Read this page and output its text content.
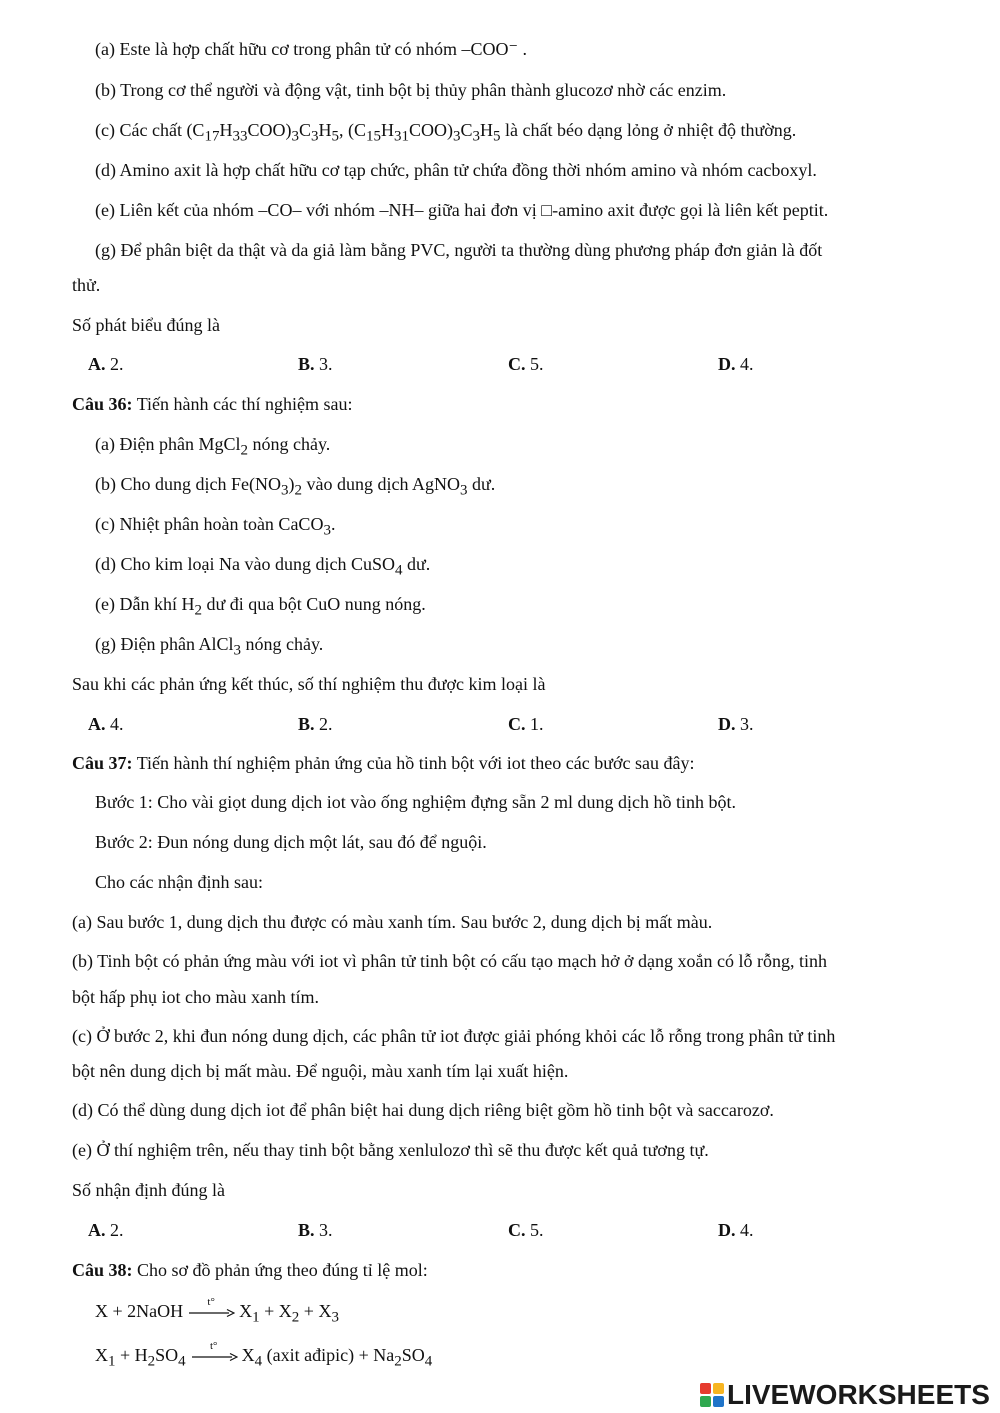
(a) Este là hợp chất hữu cơ trong phân tử có nhóm –COO⁻ .
(b) Trong cơ thể người và động vật, tinh bột bị thủy phân thành glucozơ nhờ các enzim.
(c) Các chất $(C_{17}H_{33}COO)_3C_3H_5$, $(C_{15}H_{31}COO)_3C_3H_5$ là chất béo dạng lỏng ở nhiệt độ thường.
(d) Amino axit là hợp chất hữu cơ tạp chức, phân tử chứa đồng thời nhóm amino và nhóm cacboxyl.
(e) Liên kết của nhóm –CO– với nhóm –NH– giữa hai đơn vị □-amino axit được gọi là liên kết peptit.
(g) Để phân biệt da thật và da giả làm bằng PVC, người ta thường dùng phương pháp đơn giản là đốt
thử.
Số phát biểu đúng là
A. 2.	B. 3.	C. 5.	D. 4.
Câu 36: Tiến hành các thí nghiệm sau:
(a) Điện phân MgCl$_2$ nóng chảy.
(b) Cho dung dịch $Fe(NO_3)_2$ vào dung dịch AgNO$_3$ dư.
(c) Nhiệt phân hoàn toàn CaCO$_3$.
(d) Cho kim loại Na vào dung dịch CuSO$_4$ dư.
(e) Dẫn khí $H_2$ dư đi qua bột CuO nung nóng.
(g) Điện phân AlCl$_3$ nóng chảy.
Sau khi các phản ứng kết thúc, số thí nghiệm thu được kim loại là
A. 4.	B. 2.	C. 1.	D. 3.
Câu 37: Tiến hành thí nghiệm phản ứng của hồ tinh bột với iot theo các bước sau đây:
Bước 1: Cho vài giọt dung dịch iot vào ống nghiệm đựng sẵn 2 ml dung dịch hồ tinh bột.
Bước 2: Đun nóng dung dịch một lát, sau đó để nguội.
Cho các nhận định sau:
(a) Sau bước 1, dung dịch thu được có màu xanh tím. Sau bước 2, dung dịch bị mất màu.
(b) Tinh bột có phản ứng màu với iot vì phân tử tinh bột có cấu tạo mạch hở ở dạng xoắn có lỗ rỗng, tinh
bột hấp phụ iot cho màu xanh tím.
(c) Ở bước 2, khi đun nóng dung dịch, các phân tử iot được giải phóng khỏi các lỗ rỗng trong phân tử tinh
bột nên dung dịch bị mất màu. Để nguội, màu xanh tím lại xuất hiện.
(d) Có thể dùng dung dịch iot để phân biệt hai dung dịch riêng biệt gồm hồ tinh bột và saccarozơ.
(e) Ở thí nghiệm trên, nếu thay tinh bột bằng xenlulozơ thì sẽ thu được kết quả tương tự.
Số nhận định đúng là
A. 2.	B. 3.	C. 5.	D. 4.
Câu 38: Cho sơ đồ phản ứng theo đúng tỉ lệ mol:
X + 2NaOH	t°	$X_1 + X_2 + X_3$
$X_1 + H_2SO_4$
t°	$X_4$ (axit ađipic) + $Na_2SO_4$
LIVEWORKSHEETS
